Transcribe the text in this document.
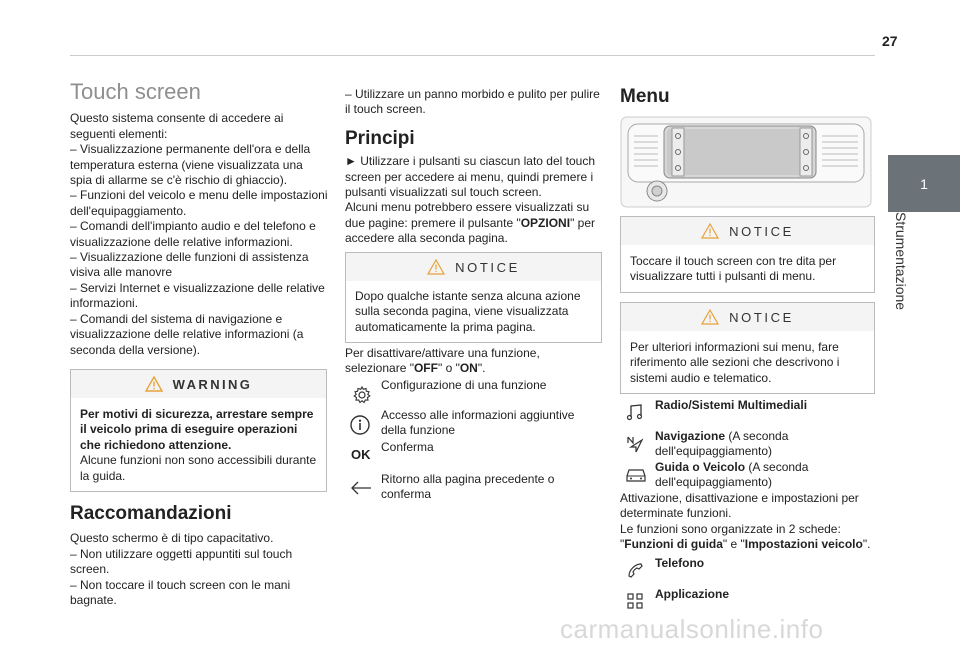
27
1
Strumentazione
Touch screen

Questo sistema consente di accedere ai seguenti elementi:

– Visualizzazione permanente dell'ora e della temperatura esterna (viene visualizzata una spia di allarme se c'è rischio di ghiaccio).

– Funzioni del veicolo e menu delle impostazioni dell'equipaggiamento.

– Comandi dell'impianto audio e del telefono e visualizzazione delle relative informazioni.

– Visualizzazione delle funzioni di assistenza visiva alle manovre

– Servizi Internet e visualizzazione delle relative informazioni.

– Comandi del sistema di navigazione e visualizzazione delle relative informazioni (a seconda della versione).

WARNING

Per motivi di sicurezza, arrestare sempre il veicolo prima di eseguire operazioni che richiedono attenzione.

Alcune funzioni non sono accessibili durante la guida.

Raccomandazioni

Questo schermo è di tipo capacitativo.

– Non utilizzare oggetti appuntiti sul touch screen.

– Non toccare il touch screen con le mani bagnate.

– Utilizzare un panno morbido e pulito per pulire il touch screen.

Principi

► Utilizzare i pulsanti su ciascun lato del touch screen per accedere ai menu, quindi premere i pulsanti visualizzati sul touch screen.

Alcuni menu potrebbero essere visualizzati su due pagine: premere il pulsante "OPZIONI" per accedere alla seconda pagina.

NOTICE

Dopo qualche istante senza alcuna azione sulla seconda pagina, viene visualizzata automaticamente la prima pagina.

Per disattivare/attivare una funzione, selezionare "OFF" o "ON".

Configurazione di una funzione
Accesso alle informazioni aggiuntive della funzione
OK Conferma
Ritorno alla pagina precedente o conferma
Menu
NOTICE

Toccare il touch screen con tre dita per visualizzare tutti i pulsanti di menu.

NOTICE

Per ulteriori informazioni sui menu, fare riferimento alle sezioni che descrivono i sistemi audio e telematico.

Radio/Sistemi Multimediali
Navigazione (A seconda dell'equipaggiamento)
Guida o Veicolo (A seconda dell'equipaggiamento)

Attivazione, disattivazione e impostazioni per determinate funzioni.

Le funzioni sono organizzate in 2 schede:

"Funzioni di guida" e "Impostazioni veicolo".

Telefono
Applicazione
carmanualsonline.info
